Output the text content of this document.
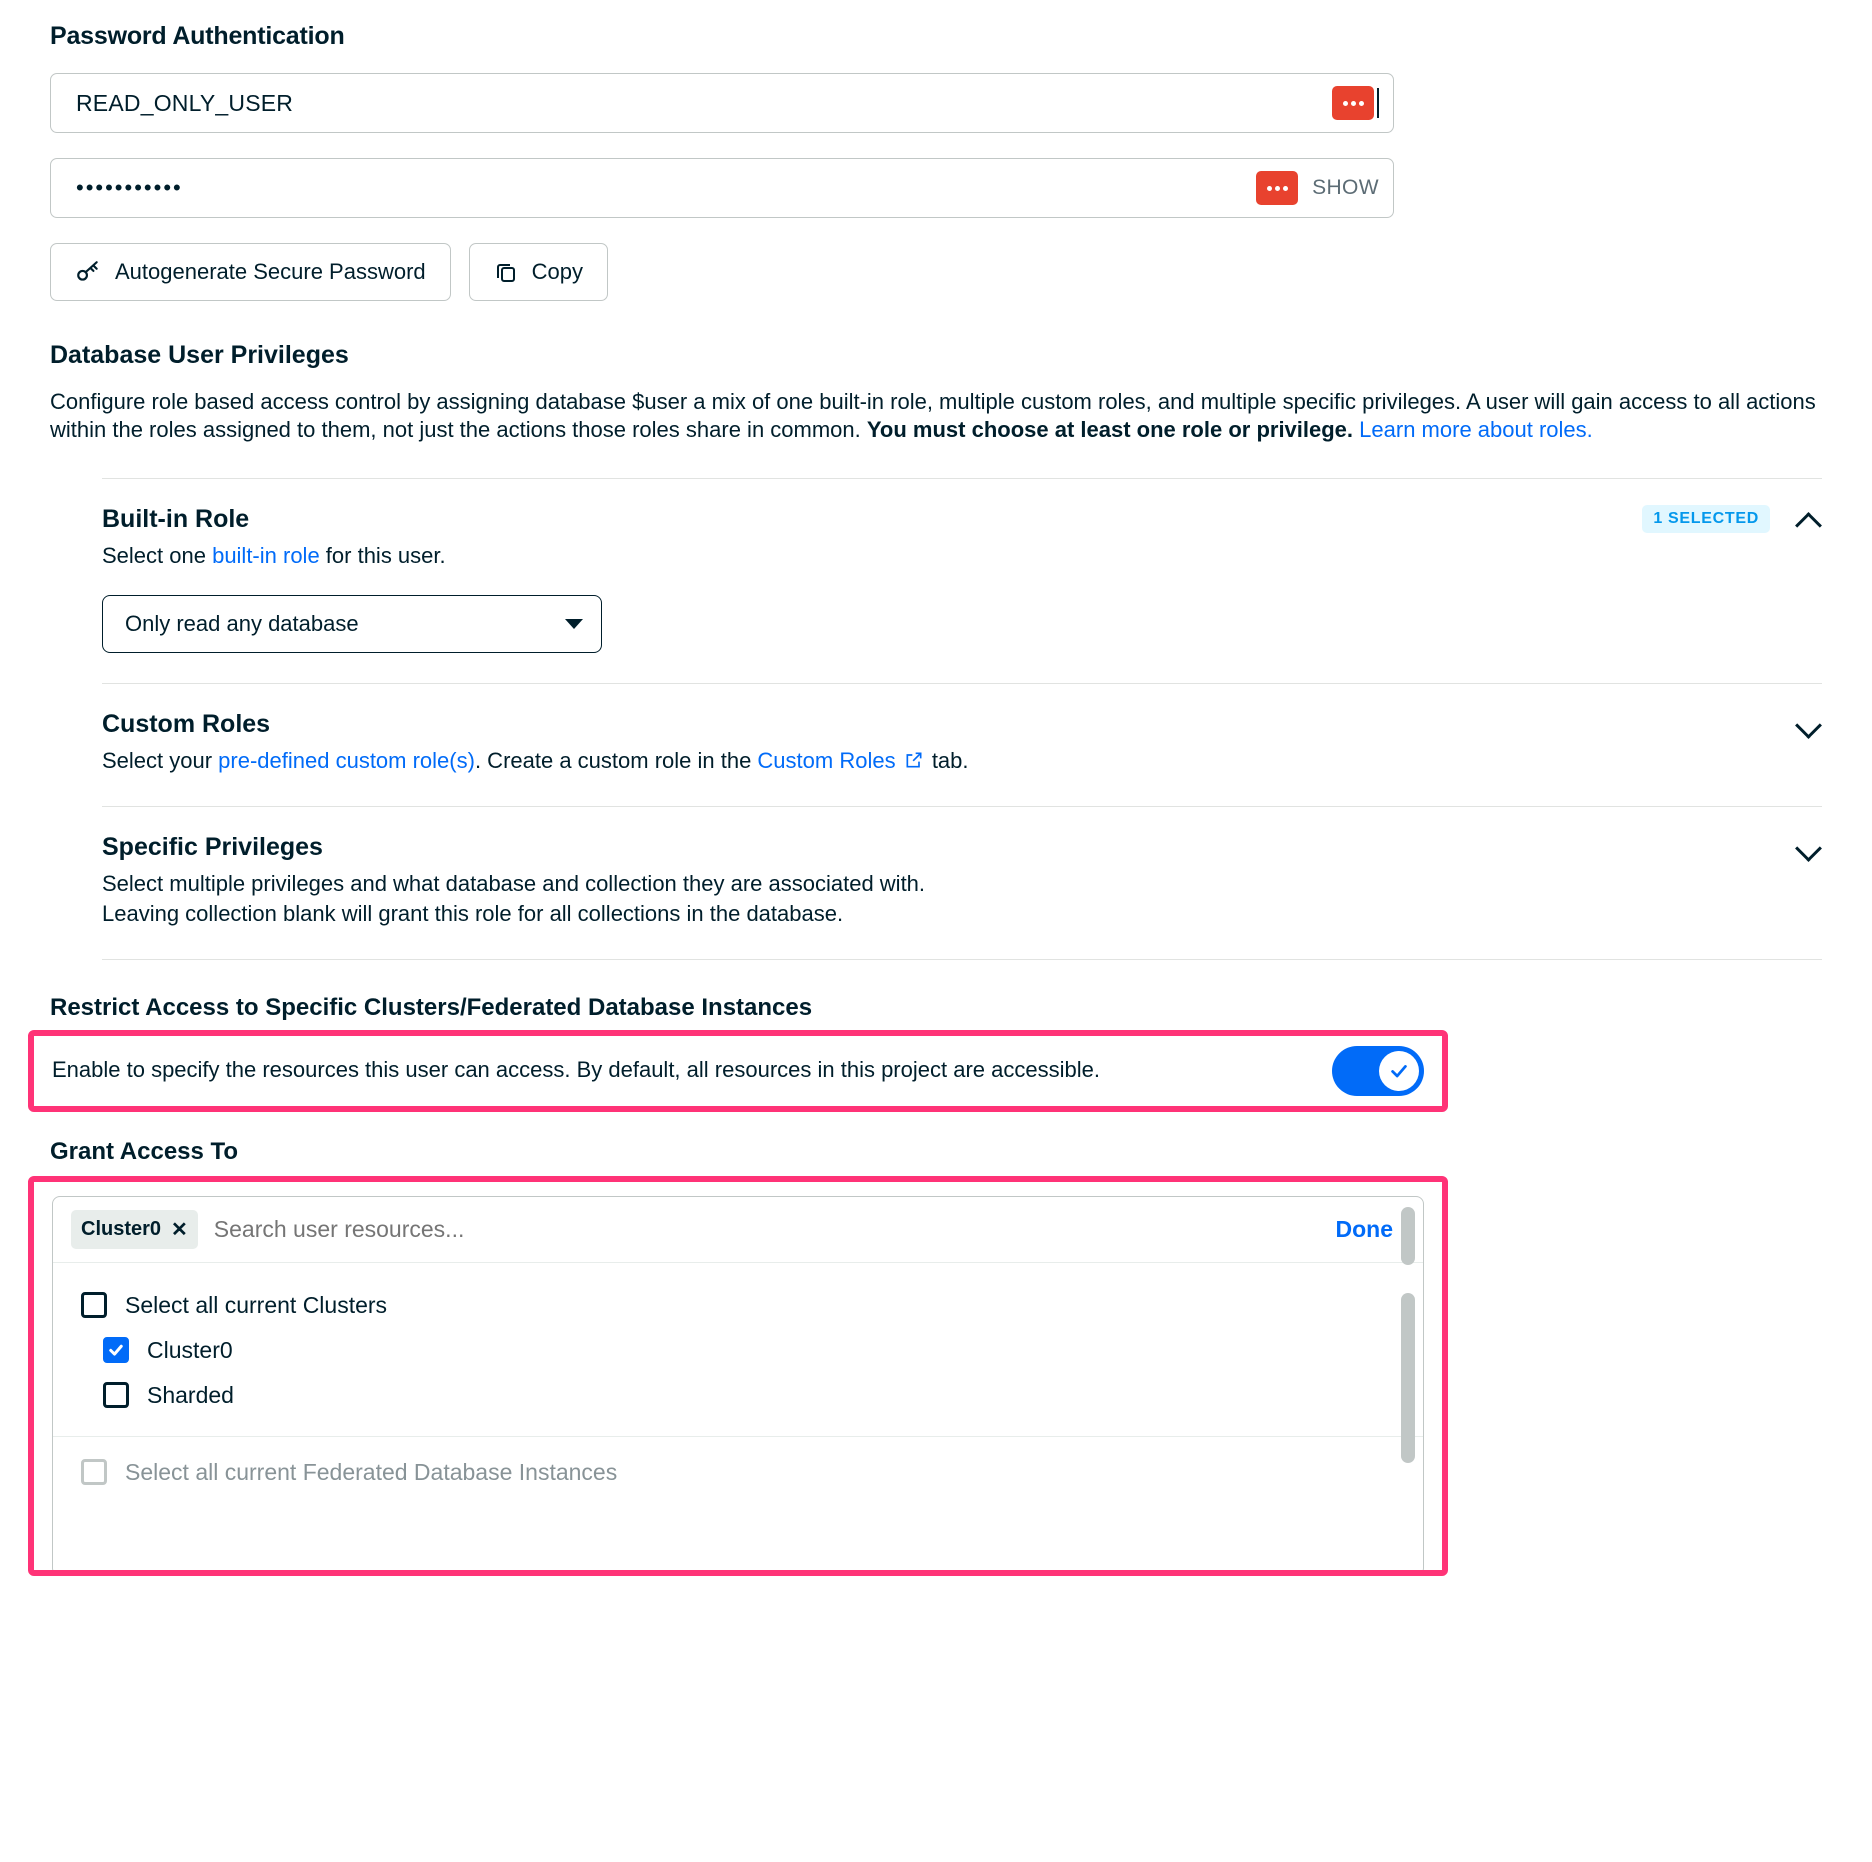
Password Authentication
READ_ONLY_USER
•••••••••••	SHOW
Autogenerate Secure Password	Copy
Database User Privileges

Configure role based access control by assigning database $user a mix of one built-in role, multiple custom roles, and multiple specific privileges. A user will gain access to all actions within the roles assigned to them, not just the actions those roles share in common. You must choose at least one role or privilege. Learn more about roles.

Built-in Role

Select one built-in role for this user.

1 SELECTED
Only read any database

Custom Roles

Select your pre-defined custom role(s). Create a custom role in the Custom Roles  tab.

Specific Privileges

Select multiple privileges and what database and collection they are associated with.

Leaving collection blank will grant this role for all collections in the database.

Restrict Access to Specific Clusters/Federated Database Instances

Enable to specify the resources this user can access. By default, all resources in this project are accessible.

Grant Access To

Cluster0 ✕
Search user resources...	Done
Select all current Clusters
Cluster0
Sharded
Select all current Federated Database Instances
